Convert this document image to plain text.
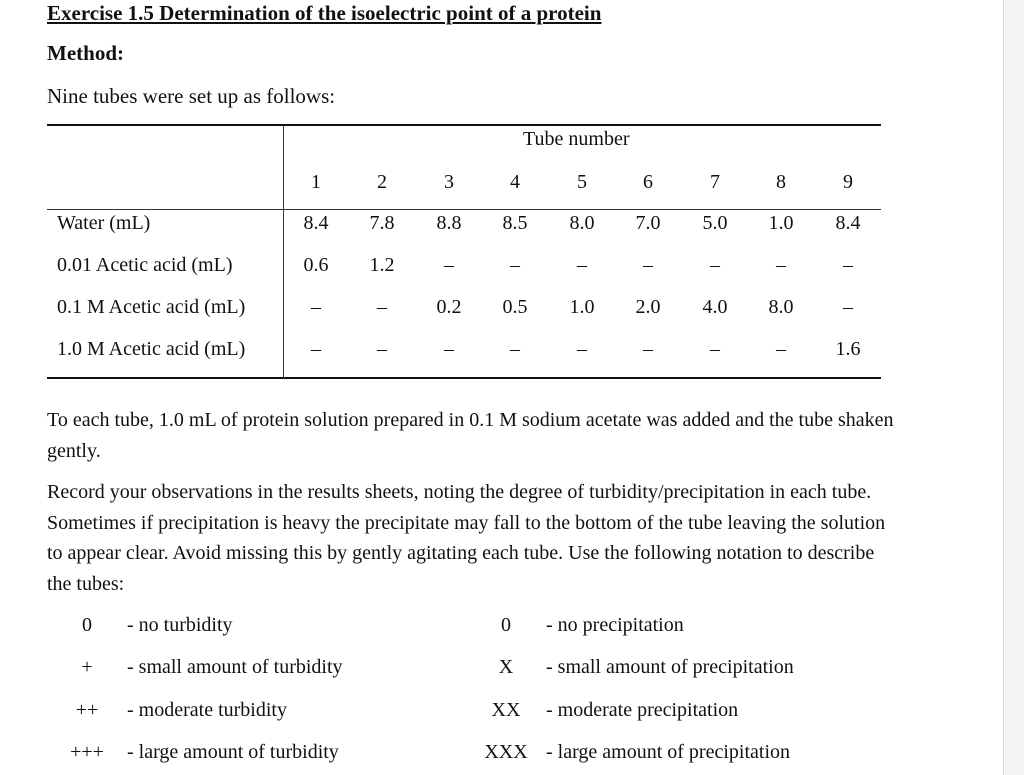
Exercise 1.5 Determination of the isoelectric point of a protein
Method:
Nine tubes were set up as follows:
Tube number
1	2	3	4	5	6	7	8	9
Water (mL)	8.4	7.8	8.8	8.5	8.0	7.0	5.0	1.0	8.4
0.01 Acetic acid (mL)	0.6	1.2	–	–	–	–	–	–	–
0.1 M Acetic acid (mL)	–	–	0.2	0.5	1.0	2.0	4.0	8.0	–
1.0 M Acetic acid (mL)	–	–	–	–	–	–	–	–	1.6
To each tube, 1.0 mL of protein solution prepared in 0.1 M sodium acetate was added and the tube shaken gently.
Record your observations in the results sheets, noting the degree of turbidity/precipitation in each tube. Sometimes if precipitation is heavy the precipitate may fall to the bottom of the tube leaving the solution to appear clear. Avoid missing this by gently agitating each tube. Use the following notation to describe the tubes:
0	- no turbidity
+	- small amount of turbidity
++	- moderate turbidity
+++	- large amount of turbidity
0	- no precipitation
X	- small amount of precipitation
XX	- moderate precipitation
XXX - large amount of precipitation
